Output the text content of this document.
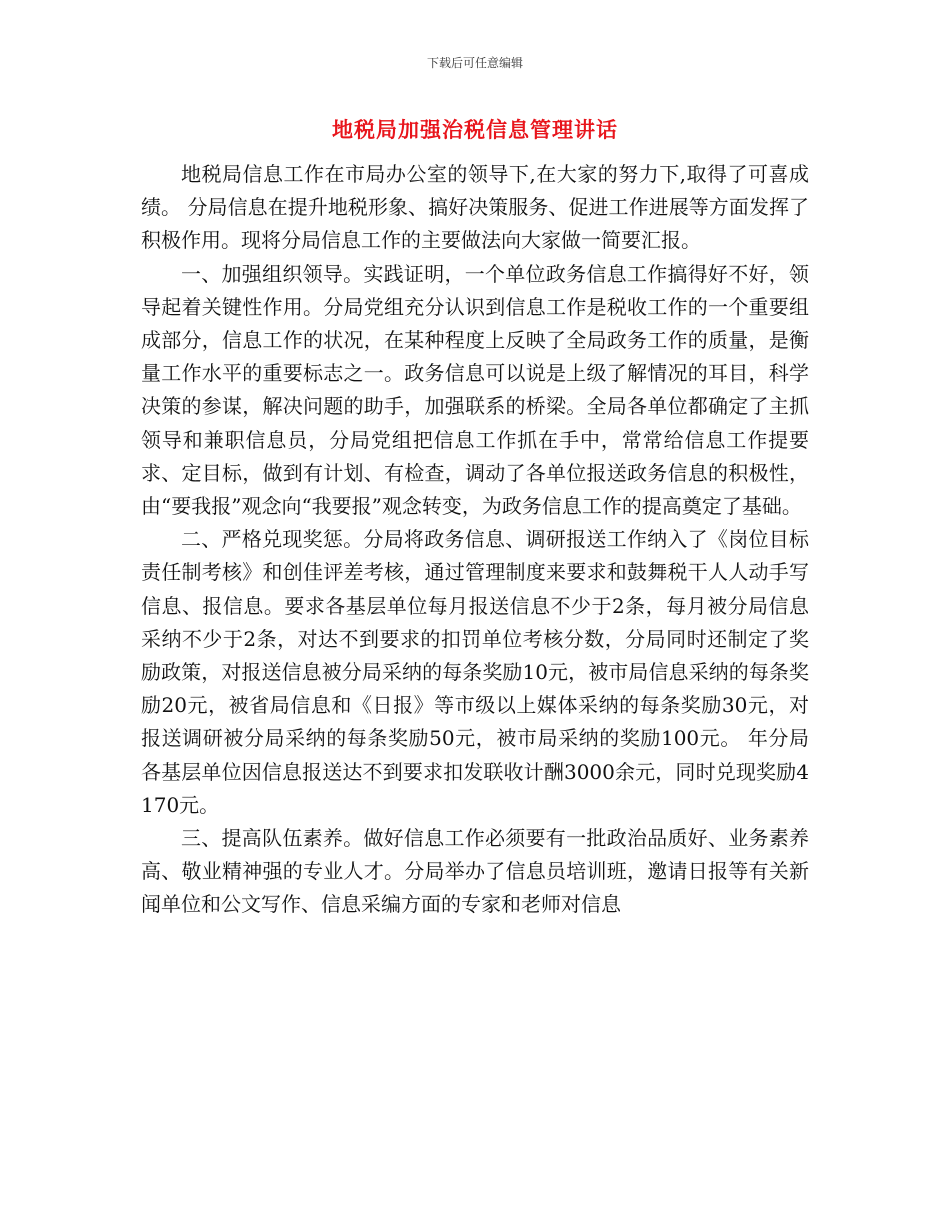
下载后可任意编辑
地税局加强治税信息管理讲话

地税局信息工作在市局办公室的领导下,在大家的努力下,取得了可喜成绩。 分局信息在提升地税形象、搞好决策服务、促进工作进展等方面发挥了积极作用。现将分局信息工作的主要做法向大家做一简要汇报。

一、加强组织领导。实践证明，一个单位政务信息工作搞得好不好，领导起着关键性作用。分局党组充分认识到信息工作是税收工作的一个重要组成部分，信息工作的状况，在某种程度上反映了全局政务工作的质量，是衡量工作水平的重要标志之一。政务信息可以说是上级了解情况的耳目，科学决策的参谋，解决问题的助手，加强联系的桥梁。全局各单位都确定了主抓领导和兼职信息员，分局党组把信息工作抓在手中，常常给信息工作提要求、定目标，做到有计划、有检查，调动了各单位报送政务信息的积极性，由“要我报”观念向“我要报”观念转变，为政务信息工作的提高奠定了基础。

二、严格兑现奖惩。分局将政务信息、调研报送工作纳入了《岗位目标责任制考核》和创佳评差考核，通过管理制度来要求和鼓舞税干人人动手写信息、报信息。要求各基层单位每月报送信息不少于2条，每月被分局信息采纳不少于2条，对达不到要求的扣罚单位考核分数，分局同时还制定了奖励政策，对报送信息被分局采纳的每条奖励10元，被市局信息采纳的每条奖励20元，被省局信息和《日报》等市级以上媒体采纳的每条奖励30元，对报送调研被分局采纳的每条奖励50元，被市局采纳的奖励100元。 年分局各基层单位因信息报送达不到要求扣发联收计酬3000余元，同时兑现奖励4170元。

三、提高队伍素养。做好信息工作必须要有一批政治品质好、业务素养高、敬业精神强的专业人才。分局举办了信息员培训班，邀请日报等有关新闻单位和公文写作、信息采编方面的专家和老师对信息
